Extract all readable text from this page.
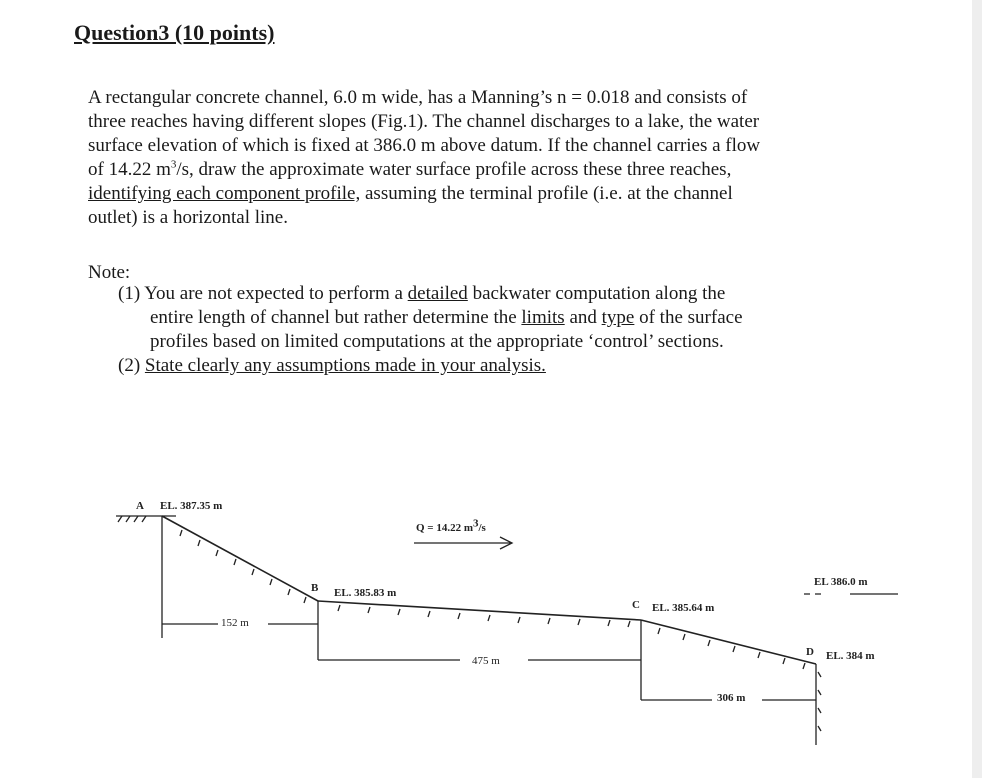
Question3 (10 points)
A rectangular concrete channel, 6.0 m wide, has a Manning’s n = 0.018 and consists of
three reaches having different slopes (Fig.1). The channel discharges to a lake, the water
surface elevation of which is fixed at 386.0 m above datum. If the channel carries a flow
of 14.22 $m^3/s$, draw the approximate water surface profile across these three reaches,
identifying each component profile, assuming the terminal profile (i.e. at the channel
outlet) is a horizontal line.
Note:
(1) You are not expected to perform a detailed backwater computation along the
entire length of channel but rather determine the limits and type of the surface
profiles based on limited computations at the appropriate ‘control’ sections.
(2) State clearly any assumptions made in your analysis.
A EL. 387.35 m
Q = 14.22 $m^3/s$
B EL. 385.83 m
C EL. 385.64 m
EL 386.0 m
D EL. 384 m
152 m
475 m
306 m
